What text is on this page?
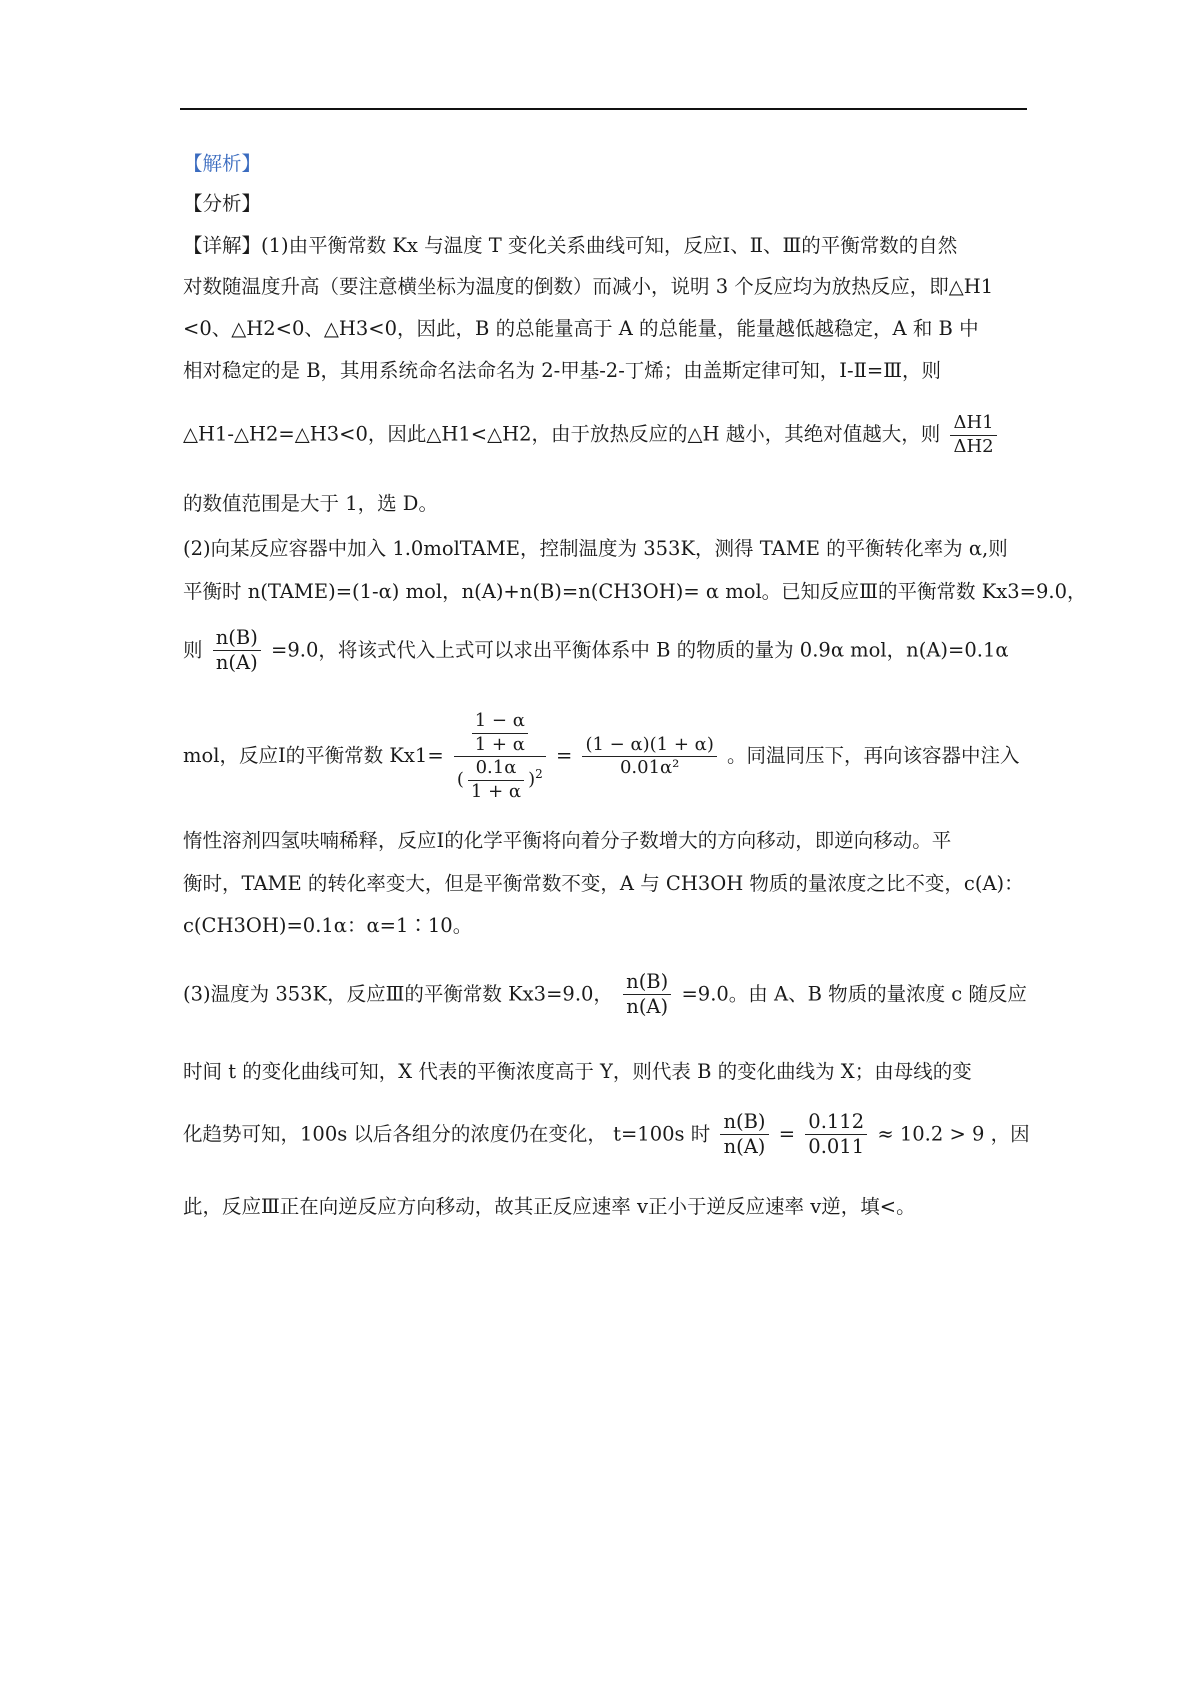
【解析】
【分析】
【详解】(1)由平衡常数 Kx 与温度 T 变化关系曲线可知，反应Ⅰ、Ⅱ、Ⅲ的平衡常数的自然
对数随温度升高（要注意横坐标为温度的倒数）而减小，说明 3 个反应均为放热反应，即△H1
<0、△H2<0、△H3<0，因此，B 的总能量高于 A 的总能量，能量越低越稳定，A 和 B 中
相对稳定的是 B，其用系统命名法命名为 2-甲基-2-丁烯；由盖斯定律可知，Ⅰ-Ⅱ=Ⅲ，则
△H1-△H2=△H3<0，因此△H1<△H2，由于放热反应的△H 越小，其绝对值越大，则 $\frac{\Delta H1}{\Delta H2}$
的数值范围是大于 1，选 D。
(2)向某反应容器中加入 1.0molTAME，控制温度为 353K，测得 TAME 的平衡转化率为 α,则
平衡时 n(TAME)=(1-α) mol，n(A)+n(B)=n(CH3OH)= α mol。已知反应Ⅲ的平衡常数 Kx3=9.0，
则 $\frac{n(B)}{n(A)} =9.0$，将该式代入上式可以求出平衡体系中 B 的物质的量为 0.9α mol，n(A)=0.1α
mol，反应Ⅰ的平衡常数 $Kx1= \frac{\frac{1 - \alpha}{1 + \alpha}}{( \frac{0.1\alpha}{1 + \alpha} )^2} = \frac{(1 - \alpha)(1 + \alpha)}{\text{0.01α²}}$ 。同温同压下，再向该容器中注入
惰性溶剂四氢呋喃稀释，反应Ⅰ的化学平衡将向着分子数增大的方向移动，即逆向移动。平
衡时，TAME 的转化率变大，但是平衡常数不变，A 与 CH3OH 物质的量浓度之比不变，c(A)：
c(CH3OH)=0.1α：α=1∶10。
(3)温度为 353K，反应Ⅲ的平衡常数 Kx3=9.0， $\frac{n(B)}{n(A)} =9.0$。由 A、B 物质的量浓度 c 随反应
时间 t 的变化曲线可知，X 代表的平衡浓度高于 Y，则代表 B 的变化曲线为 X；由母线的变
化趋势可知，100s 以后各组分的浓度仍在变化， t=100s 时 $\frac{n(B)}{n(A)} = \frac{0.112}{0.011} \approx 10.2 > 9$ ，因
此，反应Ⅲ正在向逆反应方向移动，故其正反应速率 v正小于逆反应速率 v逆，填<。
